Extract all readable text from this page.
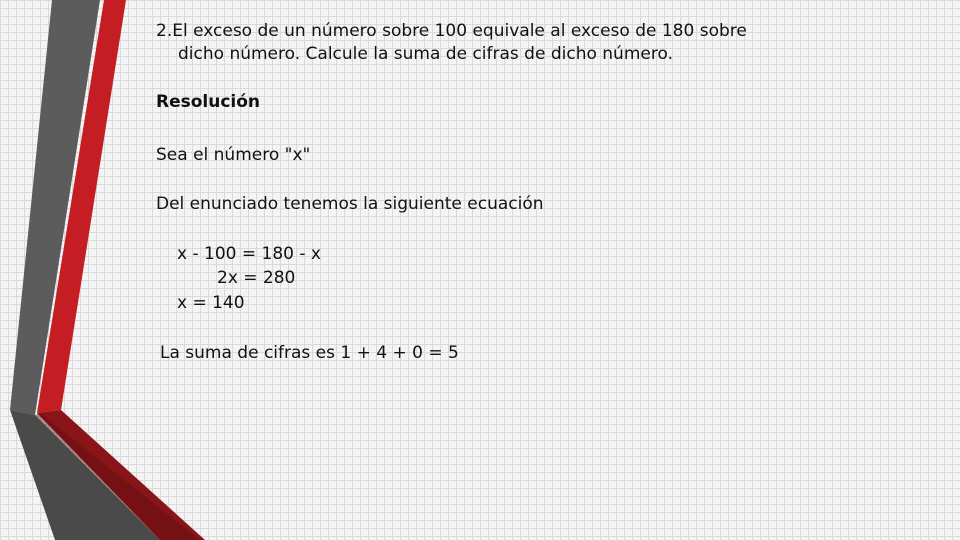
2.El exceso de un número sobre 100 equivale al exceso de 180 sobre
dicho número. Calcule la suma de cifras de dicho número.
Resolución
Sea el número "x"
Del enunciado tenemos la siguiente ecuación
x - 100 = 180 - x
2x = 280
x = 140
La suma de cifras es 1 + 4 + 0 = 5
